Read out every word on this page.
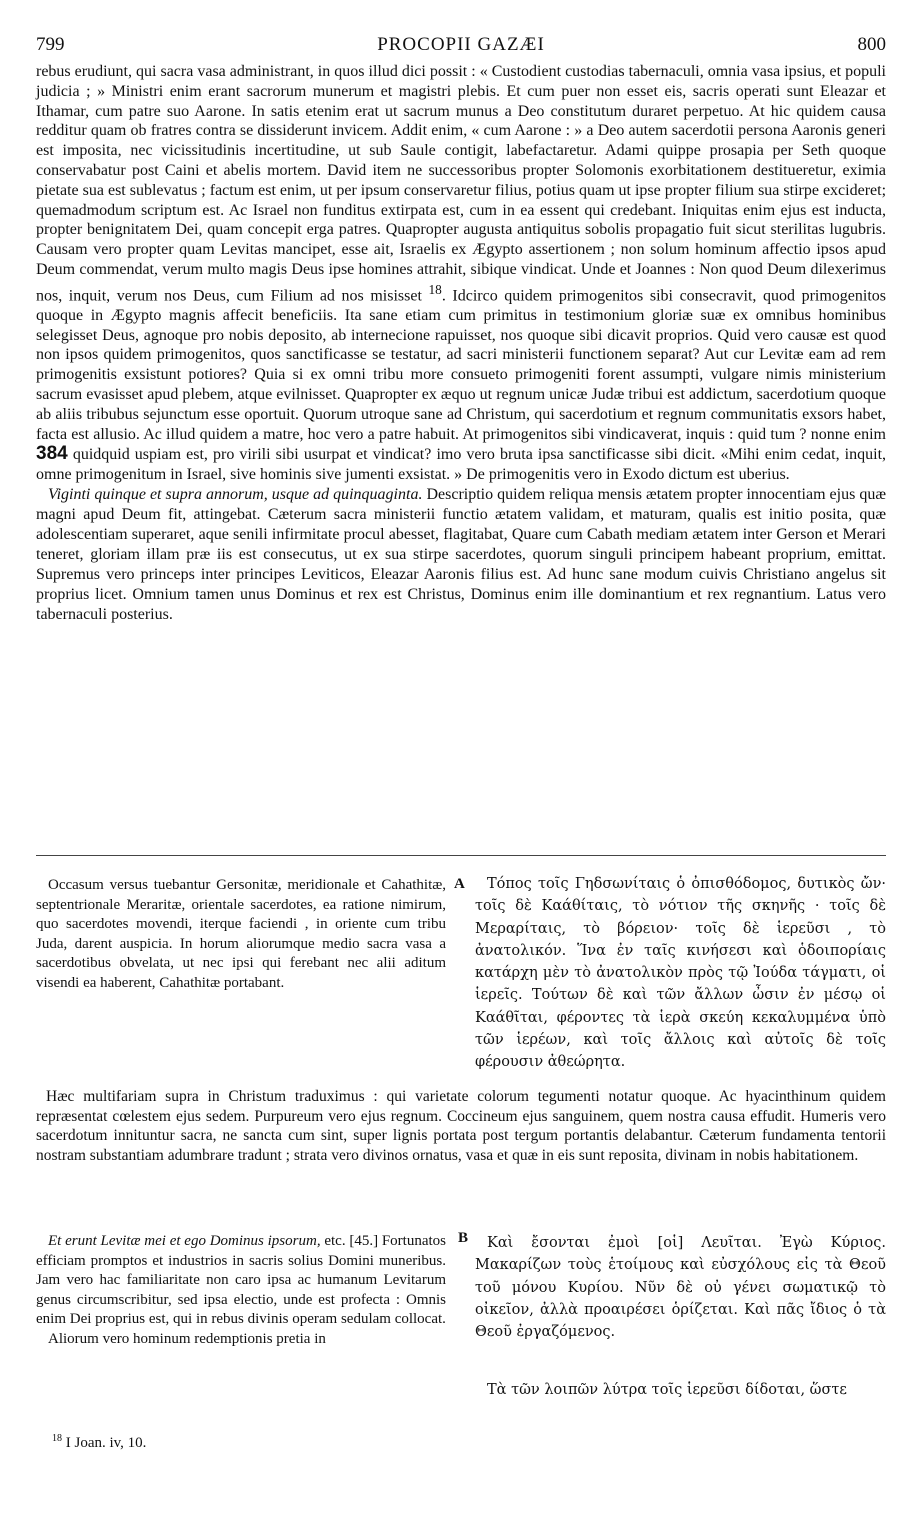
799	PROCOPII GAZÆI	800

rebus erudiunt, qui sacra vasa administrant, in quos illud dici possit : « Custodient custodias tabernaculi, omnia vasa ipsius, et populi judicia ; » Ministri enim erant sacrorum munerum et magistri plebis. Et cum puer non esset eis, sacris operati sunt Eleazar et Ithamar, cum patre suo Aarone. In satis etenim erat ut sacrum munus a Deo constitutum duraret perpetuo. At hic quidem causa redditur quam ob fratres contra se dissiderunt invicem. Addit enim, « cum Aarone : » a Deo autem sacerdotii persona Aaronis generi est imposita, nec vicissitudinis incertitudine, ut sub Saule contigit, labefactaretur. Adami quippe prosapia per Seth quoque conservabatur post Caini et abelis mortem. David item ne successoribus propter Solomonis exorbitationem destitueretur, eximia pietate sua est sublevatus ; factum est enim, ut per ipsum conservaretur filius, potius quam ut ipse propter filium sua stirpe excideret; quemadmodum scriptum est. Ac Israel non funditus extirpata est, cum in ea essent qui credebant. Iniquitas enim ejus est inducta, propter benignitatem Dei, quam concepit erga patres. Quapropter augusta antiquitus sobolis propagatio fuit sicut sterilitas lugubris. Causam vero propter quam Levitas mancipet, esse ait, Israelis ex Ægypto assertionem ; non solum hominum affectio ipsos apud Deum commendat, verum multo magis Deus ipse homines attrahit, sibique vindicat. Unde et Joannes : Non quod Deum dilexerimus nos, inquit, verum nos Deus, cum Filium ad nos misisset $^{18}$. Idcirco quidem primogenitos sibi consecravit, quod primogenitos quoque in Ægypto magnis affecit beneficiis. Ita sane etiam cum primitus in testimonium gloriæ suæ ex omnibus hominibus selegisset Deus, agnoque pro nobis deposito, ab internecione rapuisset, nos quoque sibi dicavit proprios. Quid vero causæ est quod non ipsos quidem primogenitos, quos sanctificasse se testatur, ad sacri ministerii functionem separat? Aut cur Levitæ eam ad rem primogenitis exsistunt potiores? Quia si ex omni tribu more consueto primogeniti forent assumpti, vulgare nimis ministerium sacrum evasisset apud plebem, atque evilnisset. Quapropter ex æquo ut regnum unicæ Judæ tribui est addictum, sacerdotium quoque ab aliis tribubus sejunctum esse oportuit. Quorum utroque sane ad Christum, qui sacerdotium et regnum communitatis exsors habet, facta est allusio. Ac illud quidem a matre, hoc vero a patre habuit. At primogenitos sibi vindicaverat, inquis : quid tum ? nonne enim 384 quidquid uspiam est, pro virili sibi usurpat et vindicat? imo vero bruta ipsa sanctificasse sibi dicit. «Mihi enim cedat, inquit, omne primogenitum in Israel, sive hominis sive jumenti exsistat. » De primogenitis vero in Exodo dictum est uberius.

Viginti quinque et supra annorum, usque ad quinquaginta. Descriptio quidem reliqua mensis ætatem propter innocentiam ejus quæ magni apud Deum fit, attingebat. Cæterum sacra ministerii functio ætatem validam, et maturam, qualis est initio posita, quæ adolescentiam superaret, aque senili infirmitate procul abesset, flagitabat, Quare cum Cabath mediam ætatem inter Gerson et Merari teneret, gloriam illam præ iis est consecutus, ut ex sua stirpe sacerdotes, quorum singuli principem habeant proprium, emittat. Supremus vero princeps inter principes Leviticos, Eleazar Aaronis filius est. Ad hunc sane modum cuivis Christiano angelus sit proprius licet. Omnium tamen unus Dominus et rex est Christus, Dominus enim ille dominantium et rex regnantium. Latus vero tabernaculi posterius.

Occasum versus tuebantur Gersonitæ, meridionale et Cahathitæ, septentrionale Meraritæ, orientale sacerdotes, ea ratione nimirum, quo sacerdotes movendi, iterque faciendi , in oriente cum tribu Juda, darent auspicia. In horum aliorumque medio sacra vasa a sacerdotibus obvelata, ut nec ipsi qui ferebant nec alii aditum visendi ea haberent, Cahathitæ portabant.

A	Τόπος τοῖς Γηδσωνίταις ὁ ὀπισθόδομος, δυτικὸς ὤν· τοῖς δὲ Καάθίταις, τὸ νότιον τῆς σκηνῆς · τοῖς δὲ Μεραρίταις, τὸ βόρειον· τοῖς δὲ ἱερεῦσι , τὸ ἀνατολικόν. Ἵνα ἐν ταῖς κινήσεσι καὶ ὁδοιπορίαις κατάρχη μὲν τὸ ἀνατολικὸν πρὸς τῷ Ἰούδα τάγματι, οἱ ἱερεῖς. Τούτων δὲ καὶ τῶν ἄλλων ὦσιν ἐν μέσῳ οἱ Καάθῖται, φέροντες τὰ ἱερὰ σκεύη κεκαλυμμένα ὑπὸ τῶν ἱερέων, καὶ τοῖς ἄλλοις καὶ αὐτοῖς δὲ τοῖς φέρουσιν ἀθεώρητα.

Hæc multifariam supra in Christum traduximus : qui varietate colorum tegumenti notatur quoque. Ac hyacinthinum quidem repræsentat cœlestem ejus sedem. Purpureum vero ejus regnum. Coccineum ejus sanguinem, quem nostra causa effudit. Humeris vero sacerdotum innituntur sacra, ne sancta cum sint, super lignis portata post tergum portantis delabantur. Cæterum fundamenta tentorii nostram substantiam adumbrare tradunt ; strata vero divinos ornatus, vasa et quæ in eis sunt reposita, divinam in nobis habitationem.

Et erunt Levitæ mei et ego Dominus ipsorum, etc. [45.] Fortunatos efficiam promptos et industrios in sacris solius Domini muneribus. Jam vero hac familiaritate non caro ipsa ac humanum Levitarum genus circumscribitur, sed ipsa electio, unde est profecta : Omnis enim Dei proprius est, qui in rebus divinis operam sedulam collocat.

Aliorum vero hominum redemptionis pretia in

B	Καὶ ἔσονται ἐμοὶ [οἱ] Λευῖται. Ἐγὼ Κύριος. Μακαρίζων τοὺς ἑτοίμους καὶ εὐσχόλους εἰς τὰ Θεοῦ τοῦ μόνου Κυρίου. Νῦν δὲ οὐ γένει σωματικῷ τὸ οἰκεῖον, ἀλλὰ προαιρέσει ὁρίζεται. Καὶ πᾶς ἴδιος ὁ τὰ Θεοῦ ἐργαζόμενος.

Τὰ τῶν λοιπῶν λύτρα τοῖς ἱερεῦσι δίδοται, ὥστε

$^{18}$ I Joan. iv, 10.
